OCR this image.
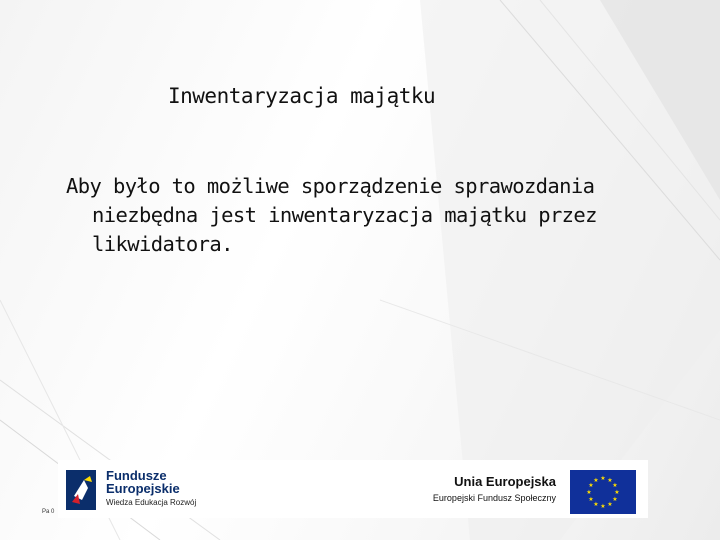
Inwentaryzacja majątku
Aby było to możliwe sporządzenie sprawozdania niezbędna jest inwentaryzacja majątku przez likwidatora.
Fundusze
Europejskie
Wiedza Edukacja Rozwój
Unia Europejska
Europejski Fundusz Społeczny
★ ★
★
★
★
★
★
★
★
★
★
★
Pa 0
